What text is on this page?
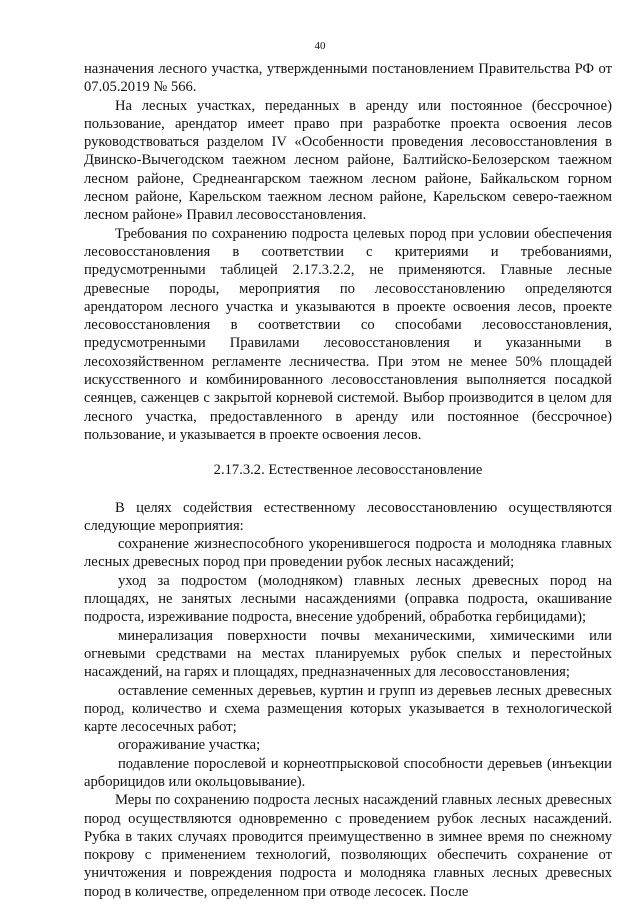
40

назначения лесного участка, утвержденными постановлением Правительства РФ от 07.05.2019 № 566.

На лесных участках, переданных в аренду или постоянное (бессрочное) пользование, арендатор имеет право при разработке проекта освоения лесов руководствоваться разделом IV «Особенности проведения лесовосстановления в Двинско-Вычегодском таежном лесном районе, Балтийско-Белозерском таежном лесном районе, Среднеангарском таежном лесном районе, Байкальском горном лесном районе, Карельском таежном лесном районе, Карельском северо-таежном лесном районе» Правил лесовосстановления.

Требования по сохранению подроста целевых пород при условии обеспечения лесовосстановления в соответствии с критериями и требованиями, предусмотренными таблицей 2.17.3.2.2, не применяются. Главные лесные древесные породы, мероприятия по лесовосстановлению определяются арендатором лесного участка и указываются в проекте освоения лесов, проекте лесовосстановления в соответствии со способами лесовосстановления, предусмотренными Правилами лесовосстановления и указанными в лесохозяйственном регламенте лесничества. При этом не менее 50% площадей искусственного и комбинированного лесовосстановления выполняется посадкой сеянцев, саженцев с закрытой корневой системой. Выбор производится в целом для лесного участка, предоставленного в аренду или постоянное (бессрочное) пользование, и указывается в проекте освоения лесов.

2.17.3.2. Естественное лесовосстановление

В целях содействия естественному лесовосстановлению осуществляются следующие мероприятия:

сохранение жизнеспособного укоренившегося подроста и молодняка главных лесных древесных пород при проведении рубок лесных насаждений;

уход за подростом (молодняком) главных лесных древесных пород на площадях, не занятых лесными насаждениями (оправка подроста, окашивание подроста, изреживание подроста, внесение удобрений, обработка гербицидами);

минерализация поверхности почвы механическими, химическими или огневыми средствами на местах планируемых рубок спелых и перестойных насаждений, на гарях и площадях, предназначенных для лесовосстановления;

оставление семенных деревьев, куртин и групп из деревьев лесных древесных пород, количество и схема размещения которых указывается в технологической карте лесосечных работ;

огораживание участка;

подавление порослевой и корнеотпрысковой способности деревьев (инъекции арборицидов или окольцовывание).

Меры по сохранению подроста лесных насаждений главных лесных древесных пород осуществляются одновременно с проведением рубок лесных насаждений. Рубка в таких случаях проводится преимущественно в зимнее время по снежному покрову с применением технологий, позволяющих обеспечить сохранение от уничтожения и повреждения подроста и молодняка главных лесных древесных пород в количестве, определенном при отводе лесосек. После
